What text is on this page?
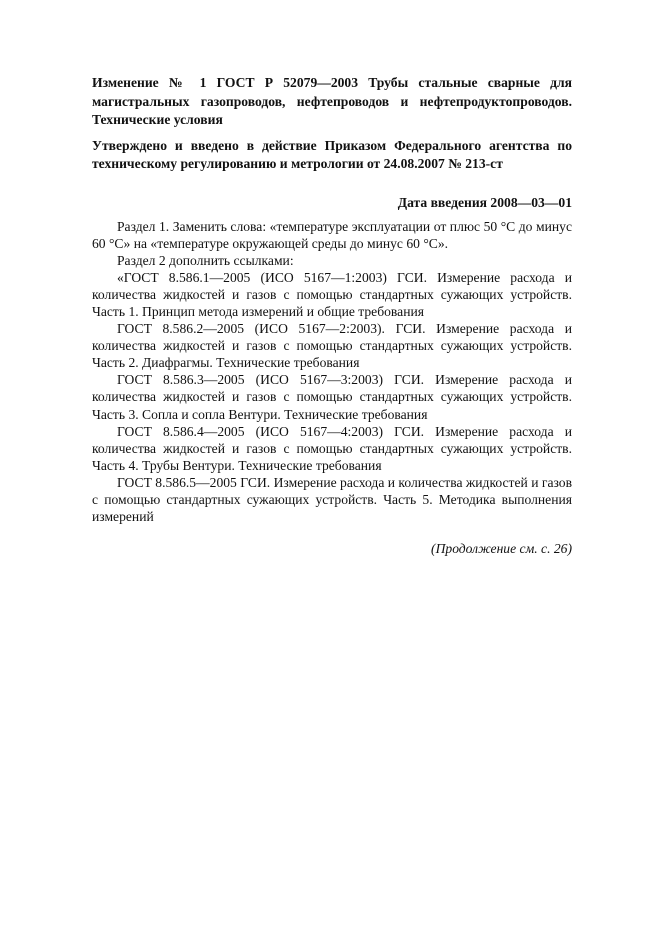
Изменение № 1 ГОСТ Р 52079—2003 Трубы стальные сварные для магистральных газопроводов, нефтепроводов и нефтепродуктопроводов. Технические условия

Утверждено и введено в действие Приказом Федерального агентства по техническому регулированию и метрологии от 24.08.2007 № 213-ст

Дата введения 2008—03—01

Раздел 1. Заменить слова: «температуре эксплуатации от плюс 50 °С до минус 60 °С» на «температуре окружающей среды до минус 60 °С».

Раздел 2 дополнить ссылками:

«ГОСТ 8.586.1—2005 (ИСО 5167—1:2003) ГСИ. Измерение расхода и количества жидкостей и газов с помощью стандартных сужающих устройств. Часть 1. Принцип метода измерений и общие требования

ГОСТ 8.586.2—2005 (ИСО 5167—2:2003). ГСИ. Измерение расхода и количества жидкостей и газов с помощью стандартных сужающих устройств. Часть 2. Диафрагмы. Технические требования

ГОСТ 8.586.3—2005 (ИСО 5167—3:2003) ГСИ. Измерение расхода и количества жидкостей и газов с помощью стандартных сужающих устройств. Часть 3. Сопла и сопла Вентури. Технические требования

ГОСТ 8.586.4—2005 (ИСО 5167—4:2003) ГСИ. Измерение расхода и количества жидкостей и газов с помощью стандартных сужающих устройств. Часть 4. Трубы Вентури. Технические требования

ГОСТ 8.586.5—2005 ГСИ. Измерение расхода и количества жидкостей и газов с помощью стандартных сужающих устройств. Часть 5. Методика выполнения измерений

(Продолжение см. с. 26)
